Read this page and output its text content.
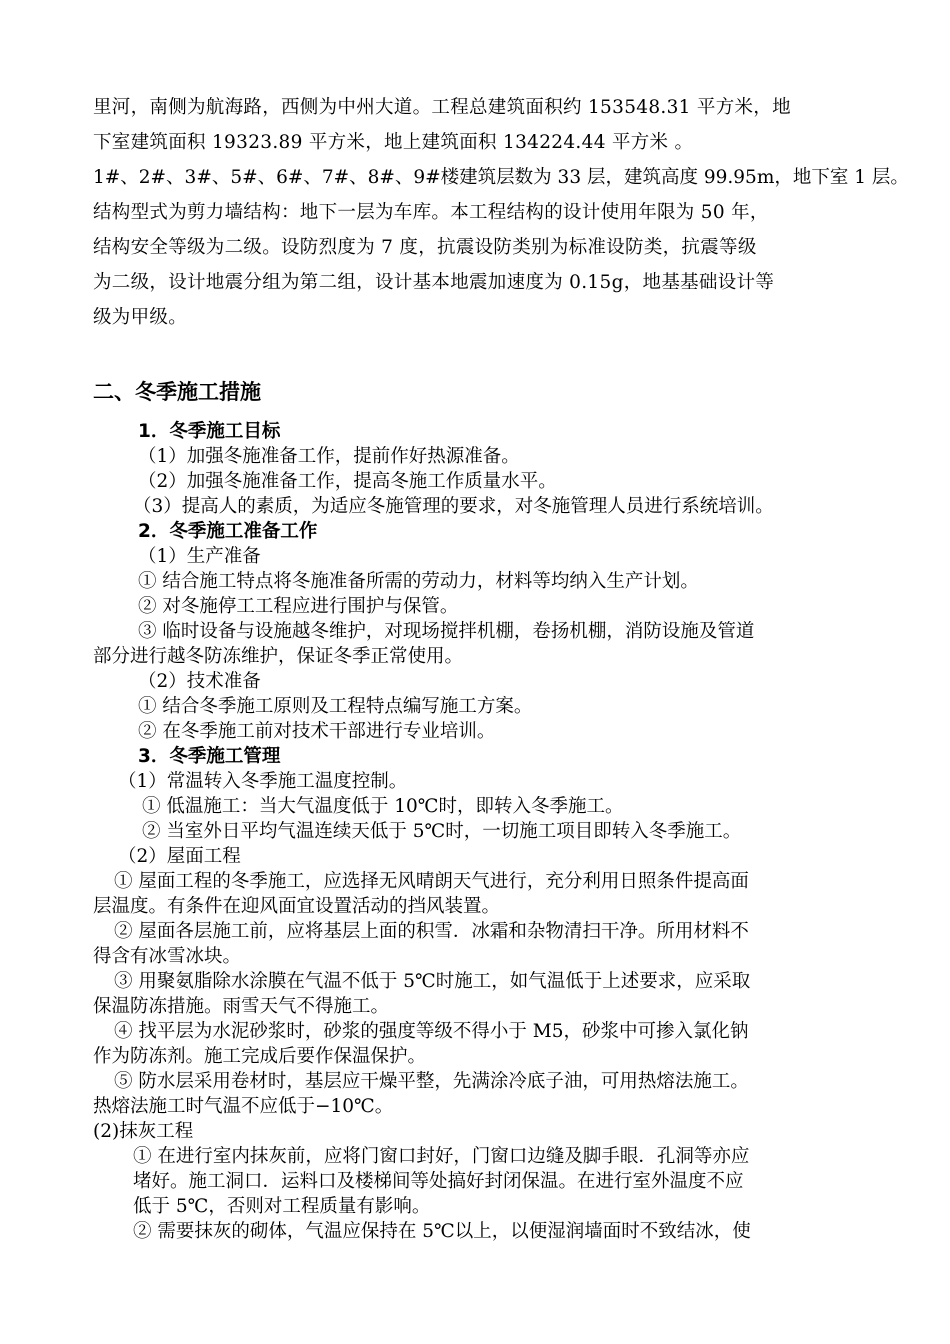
里河，南侧为航海路，西侧为中州大道。工程总建筑面积约 153548.31 平方米，地
下室建筑面积 19323.89 平方米，地上建筑面积 134224.44 平方米 。
1#、2#、3#、5#、6#、7#、8#、9#楼建筑层数为 33 层，建筑高度 99.95m，地下室 1 层。
结构型式为剪力墙结构：地下一层为车库。本工程结构的设计使用年限为 50 年，
结构安全等级为二级。设防烈度为 7 度，抗震设防类别为标准设防类，抗震等级
为二级，设计地震分组为第二组，设计基本地震加速度为 0.15g，地基基础设计等
级为甲级。
二、冬季施工措施
1．冬季施工目标
（1）加强冬施准备工作，提前作好热源准备。
（2）加强冬施准备工作，提高冬施工作质量水平。
（3）提高人的素质，为适应冬施管理的要求，对冬施管理人员进行系统培训。
2．冬季施工准备工作
（1）生产准备
① 结合施工特点将冬施准备所需的劳动力，材料等均纳入生产计划。
② 对冬施停工工程应进行围护与保管。
③ 临时设备与设施越冬维护，对现场搅拌机棚，卷扬机棚，消防设施及管道
部分进行越冬防冻维护，保证冬季正常使用。
（2）技术准备
① 结合冬季施工原则及工程特点编写施工方案。
② 在冬季施工前对技术干部进行专业培训。
3．冬季施工管理
（1）常温转入冬季施工温度控制。
① 低温施工：当大气温度低于 10℃时，即转入冬季施工。
② 当室外日平均气温连续天低于 5℃时，一切施工项目即转入冬季施工。
（2）屋面工程
① 屋面工程的冬季施工，应选择无风晴朗天气进行，充分利用日照条件提高面
层温度。有条件在迎风面宜设置活动的挡风装置。
② 屋面各层施工前，应将基层上面的积雪．冰霜和杂物清扫干净。所用材料不
得含有冰雪冰块。
③ 用聚氨脂除水涂膜在气温不低于 5℃时施工，如气温低于上述要求，应采取
保温防冻措施。雨雪天气不得施工。
④ 找平层为水泥砂浆时，砂浆的强度等级不得小于 M5，砂浆中可掺入氯化钠
作为防冻剂。施工完成后要作保温保护。
⑤ 防水层采用卷材时，基层应干燥平整，先满涂冷底子油，可用热熔法施工。
热熔法施工时气温不应低于−10℃。
(2)抹灰工程
① 在进行室内抹灰前，应将门窗口封好，门窗口边缝及脚手眼．孔洞等亦应
堵好。施工洞口．运料口及楼梯间等处搞好封闭保温。在进行室外温度不应
低于 5℃，否则对工程质量有影响。
② 需要抹灰的砌体，气温应保持在 5℃以上，以便湿润墙面时不致结冰，使
